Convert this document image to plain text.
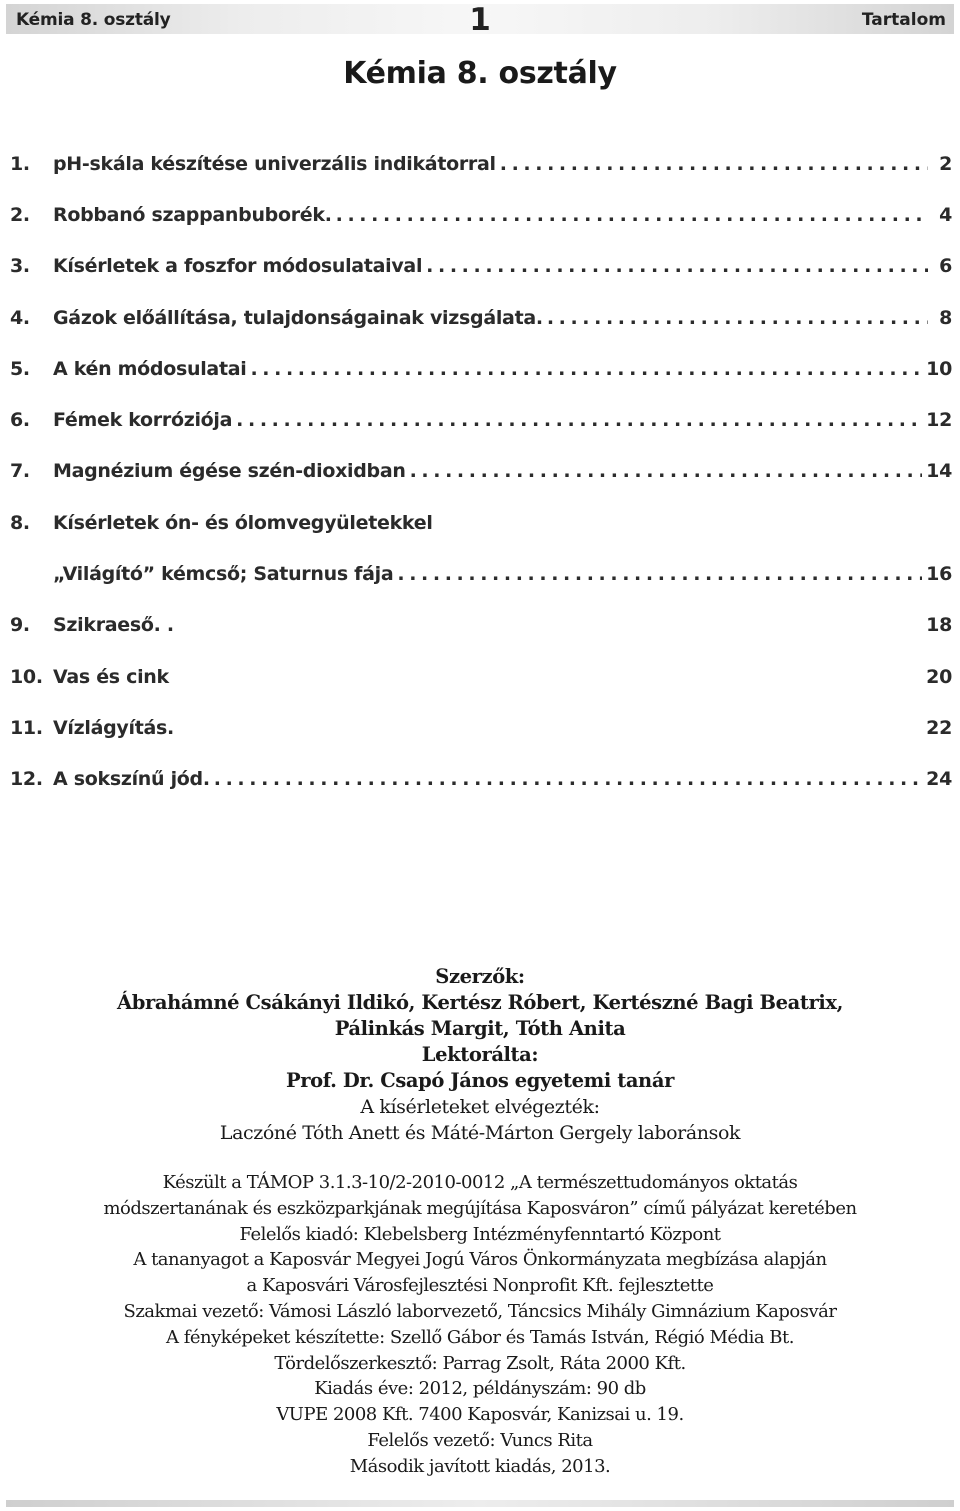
Kémia 8. osztály	1	Tartalom
Kémia 8. osztály
1.	pH-skála készítése univerzális indikátorral . . .	2
2.	Robbanó szappanbuborék. . . .	4
3.	Kísérletek a foszfor módosulataival . . .	6
4.	Gázok előállítása, tulajdonságainak vizsgálata. . . .	8
5.	A kén módosulatai . . .	10
6.	Fémek korróziója . . .	12
7.	Magnézium égése szén-dioxidban . . .	14
8.	Kísérletek ón- és ólomvegyületekkel
„Világító” kémcső; Saturnus fája . . .	16
9.	Szikraeső. .	18
10. Vas és cink	20
11. Vízlágyítás.	22
12. A sokszínű jód. . . .	24
Szerzők:
Ábrahámné Csákányi Ildikó, Kertész Róbert, Kertészné Bagi Beatrix,
Pálinkás Margit, Tóth Anita
Lektorálta:
Prof. Dr. Csapó János egyetemi tanár
A kísérleteket elvégezték:
Laczóné Tóth Anett és Máté-Márton Gergely laboránsok
Készült a TÁMOP 3.1.3-10/2-2010-0012 „A természettudományos oktatás
módszertanának és eszközparkjának megújítása Kaposváron” című pályázat keretében
Felelős kiadó: Klebelsberg Intézményfenntartó Központ
A tananyagot a Kaposvár Megyei Jogú Város Önkormányzata megbízása alapján
a Kaposvári Városfejlesztési Nonprofit Kft. fejlesztette
Szakmai vezető: Vámosi László laborvezető, Táncsics Mihály Gimnázium Kaposvár
A fényképeket készítette: Szellő Gábor és Tamás István, Régió Média Bt.
Tördelőszerkesztő: Parrag Zsolt, Ráta 2000 Kft.
Kiadás éve: 2012, példányszám: 90 db
VUPE 2008 Kft. 7400 Kaposvár, Kanizsai u. 19.
Felelős vezető: Vuncs Rita
Második javított kiadás, 2013.
